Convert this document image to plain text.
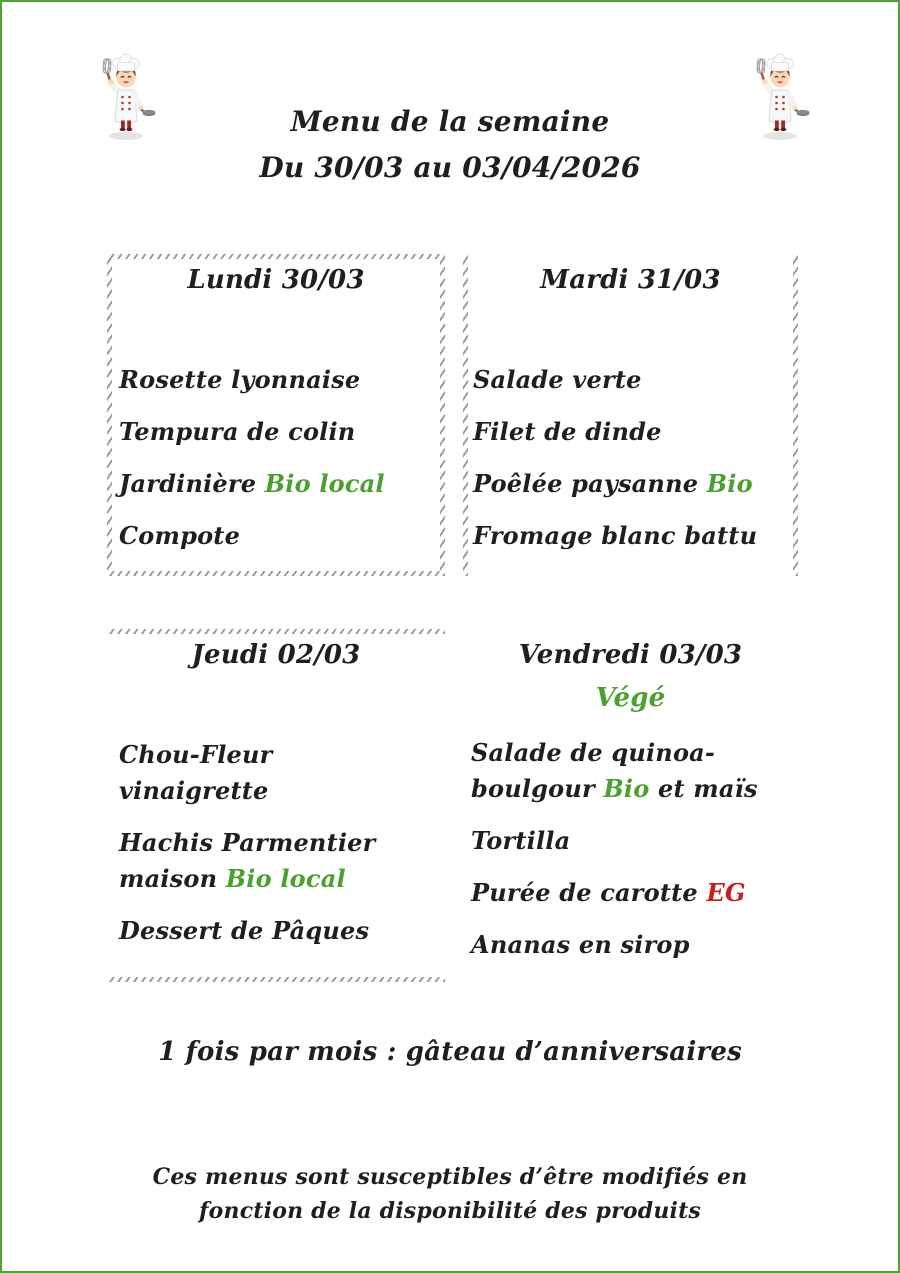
Menu de la semaine
Du 30/03 au 03/04/2026
Lundi 30/03
Rosette lyonnaise
Tempura de colin
Jardinière Bio local
Compote
Mardi 31/03
Salade verte
Filet de dinde
Poêlée paysanne Bio
Fromage blanc battu
Jeudi 02/03
Chou-Fleur vinaigrette
Hachis Parmentier maison Bio local
Dessert de Pâques
Vendredi 03/03
Végé
Salade de quinoa-boulgour Bio et maïs
Tortilla
Purée de carotte EG
Ananas en sirop
1 fois par mois : gâteau d’anniversaires
Ces menus sont susceptibles d’être modifiés en fonction de la disponibilité des produits
